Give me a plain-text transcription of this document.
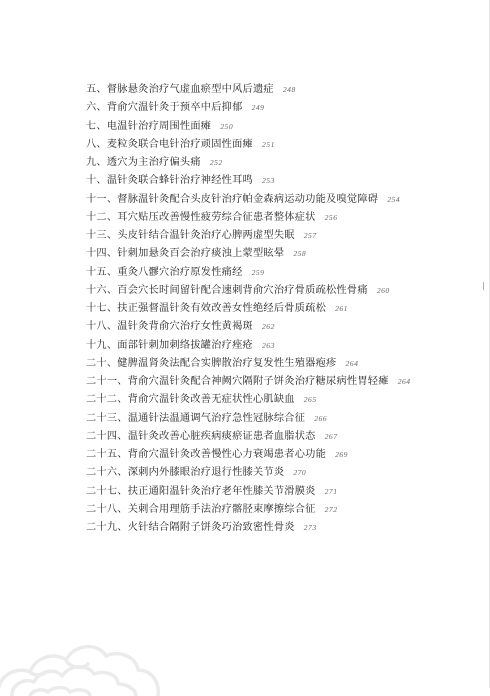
五、督脉悬灸治疗气虚血瘀型中风后遗症 248
六、背俞穴温针灸于预卒中后抑郁 249
七、电温针治疗周围性面瘫 250
八、麦粒灸联合电针治疗顽固性面瘫 251
九、透穴为主治疗偏头痛 252
十、温针灸联合蜂针治疗神经性耳鸣 253
十一、督脉温针灸配合头皮针治疗帕金森病运动功能及嗅觉障碍 254
十二、耳穴贴压改善慢性疲劳综合征患者整体症状 256
十三、头皮针结合温针灸治疗心脾两虚型失眠 257
十四、针刺加悬灸百会治疗痰浊上蒙型眩晕 258
十五、重灸八髎穴治疗原发性痛经 259
十六、百会穴长时间留针配合速刺背俞穴治疗骨质疏松性骨痛 260
十七、扶正强督温针灸有效改善女性绝经后骨质疏松 261
十八、温针灸背俞穴治疗女性黄褐斑 262
十九、面部针刺加刺络拔罐治疗痤疮 263
二十、健脾温肾灸法配合实脾散治疗复发性生殖器疱疹 264
二十一、背俞穴温针灸配合神阙穴隔附子饼灸治疗糖尿病性胃轻瘫 264
二十二、背俞穴温针灸改善无症状性心肌缺血 265
二十三、温通针法温通调气治疗急性冠脉综合征 266
二十四、温针灸改善心脏疾病痰瘀证患者血脂状态 267
二十五、背俞穴温针灸改善慢性心力衰竭患者心功能 269
二十六、深刺内外膝眼治疗退行性膝关节炎 270
二十七、扶正通阳温针灸治疗老年性膝关节滑膜炎 271
二十八、关刺合用理筋手法治疗髂胫束摩擦综合征 272
二十九、火针结合隔附子饼灸巧治致密性骨炎 273
